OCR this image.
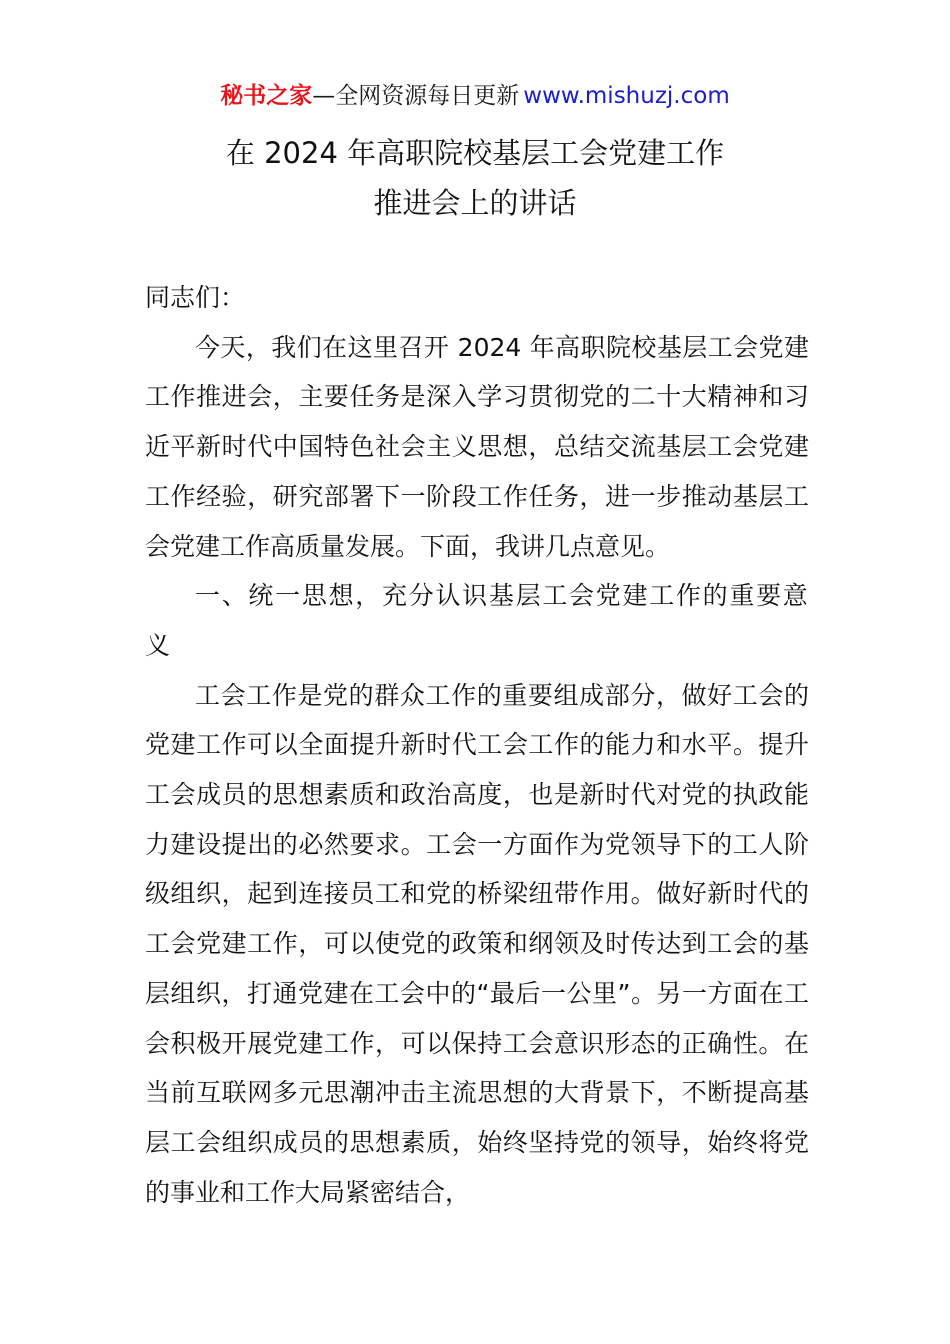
秘书之家—全网资源每日更新 www.mishuzj.com
在 2024 年高职院校基层工会党建工作
推进会上的讲话

同志们：

今天，我们在这里召开 2024 年高职院校基层工会党建工作推进会，主要任务是深入学习贯彻党的二十大精神和习近平新时代中国特色社会主义思想，总结交流基层工会党建工作经验，研究部署下一阶段工作任务，进一步推动基层工会党建工作高质量发展。下面，我讲几点意见。

一、统一思想，充分认识基层工会党建工作的重要意义

工会工作是党的群众工作的重要组成部分，做好工会的党建工作可以全面提升新时代工会工作的能力和水平。提升工会成员的思想素质和政治高度，也是新时代对党的执政能力建设提出的必然要求。工会一方面作为党领导下的工人阶级组织，起到连接员工和党的桥梁纽带作用。做好新时代的工会党建工作，可以使党的政策和纲领及时传达到工会的基层组织，打通党建在工会中的“最后一公里”。另一方面在工会积极开展党建工作，可以保持工会意识形态的正确性。在当前互联网多元思潮冲击主流思想的大背景下，不断提高基层工会组织成员的思想素质，始终坚持党的领导，始终将党的事业和工作大局紧密结合，
